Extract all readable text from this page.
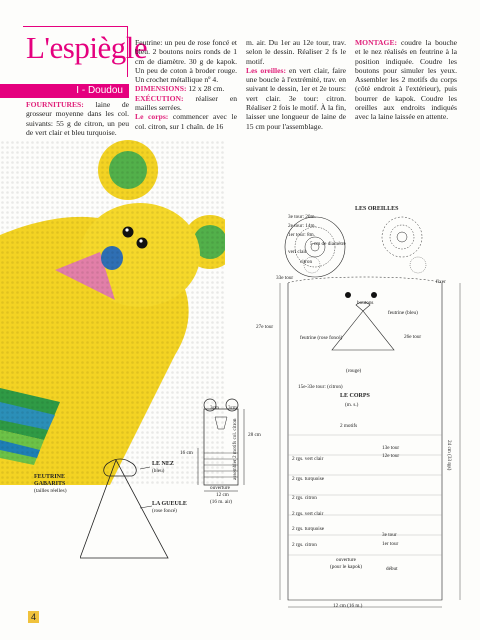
L'espiègle
I - Doudou
FOURNITURES: laine de grosseur moyenne dans les col. suivants: 55 g de citron, un peu de vert clair et bleu turquoise.
Feutrine: un peu de rose foncé et bleu. 2 boutons noirs ronds de 1 cm de diamètre. 30 g de kapok. Un peu de coton à broder rouge. Un crochet métallique nº 4.
DIMENSIONS: 12 x 28 cm.
EXÉCUTION: réaliser en mailles serrées.
Le corps: commencer avec le col. citron, sur 1 chaîn. de 16
m. air. Du 1er au 12e tour, trav. selon le dessin. Réaliser 2 fs le motif.
Les oreilles: en vert clair, faire une boucle à l'extrémité, trav. en suivant le dessin, 1er et 2e tours: vert clair. 3e tour: citron. Réaliser 2 fois le motif. À la fin, laisser une longueur de laine de 15 cm pour l'assemblage.
MONTAGE: coudre la bouche et le nez réalisés en feutrine à la position indiquée. Coudre les boutons pour simuler les yeux. Assembler les 2 motifs du corps (côté endroit à l'extérieur), puis bourrer de kapok. Coudre les oreilles aux endroits indiqués avec la laine laissée en attente.
FEUTRINE
GABARITS
(tailles réelles)
LE NEZ
(bleu)
LA GUEULE
(rose foncé)
3cm 3cm
16 cm
28 cm
ouverture
12 cm
(16 m. air)
LES OREILLES
3e tour: 20m.
2e tour: 14m.
1er tour: 8m.
5 cm de diamètre
vert clair
citron
33e tour
fixer
boutons
feutrine (bleu)
27e tour
26e tour
feutrine (rose foncé)
(rouge)
15e-33e tour: (citron)
LE CORPS
(m. s.)
2 motifs
13e tour
12e tour
2 rgs. vert clair
2 rgs. turquoise
2 rgs. citron
2 rgs. vert clair
2 rgs. turquoise
2 rgs. citron
3e tour
1er tour
ouverture
(pour le kapok)	début
12 cm (16 m.)
assembler 2 motifs col. citron	24 cm (33 rgs)
4
